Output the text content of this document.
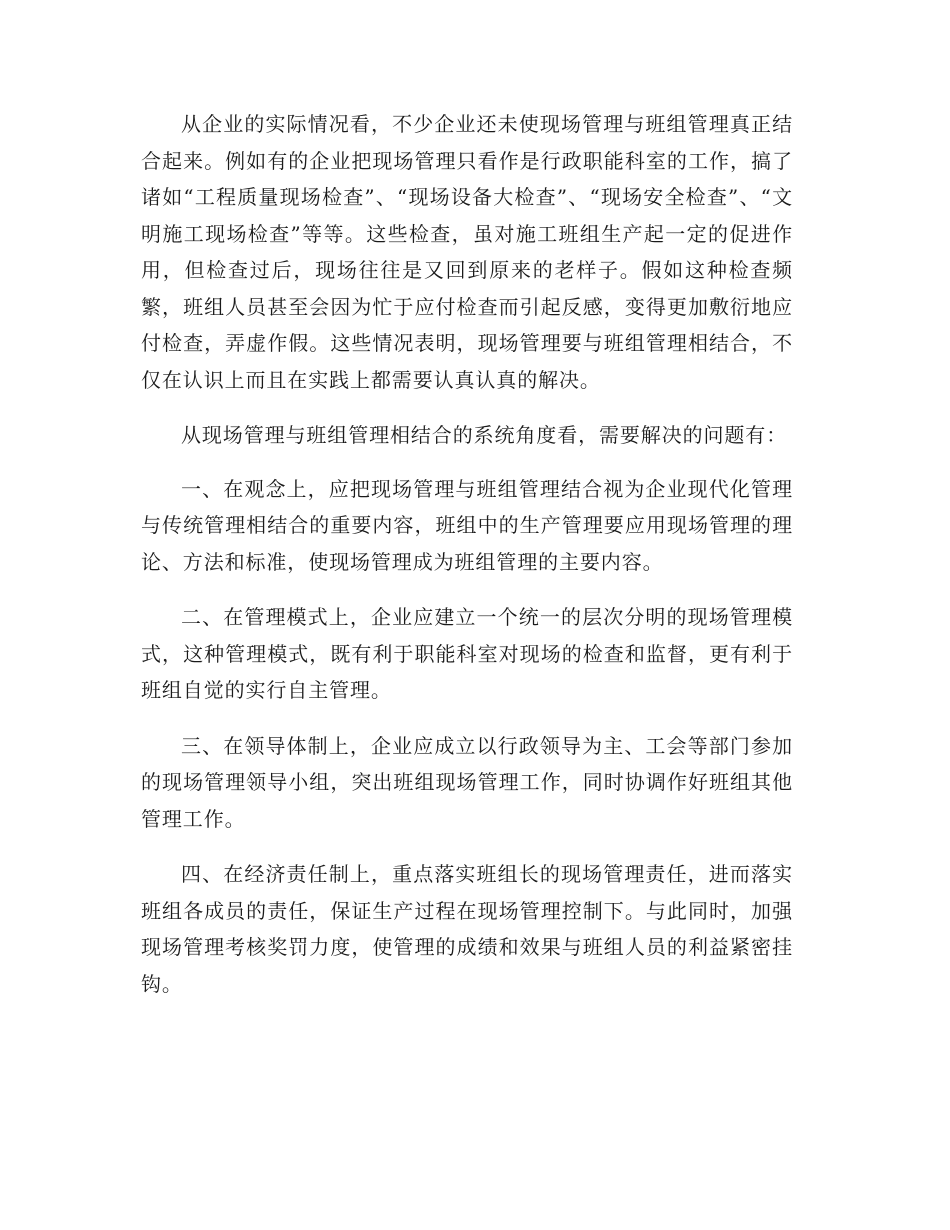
从企业的实际情况看，不少企业还未使现场管理与班组管理真正结合起来。例如有的企业把现场管理只看作是行政职能科室的工作，搞了诸如“工程质量现场检查”、“现场设备大检查”、“现场安全检查”、“文明施工现场检查”等等。这些检查，虽对施工班组生产起一定的促进作用，但检查过后，现场往往是又回到原来的老样子。假如这种检查频繁，班组人员甚至会因为忙于应付检查而引起反感，变得更加敷衍地应付检查，弄虚作假。这些情况表明，现场管理要与班组管理相结合，不仅在认识上而且在实践上都需要认真认真的解决。

从现场管理与班组管理相结合的系统角度看，需要解决的问题有：

一、在观念上，应把现场管理与班组管理结合视为企业现代化管理与传统管理相结合的重要内容，班组中的生产管理要应用现场管理的理论、方法和标准，使现场管理成为班组管理的主要内容。

二、在管理模式上，企业应建立一个统一的层次分明的现场管理模式，这种管理模式，既有利于职能科室对现场的检查和监督，更有利于班组自觉的实行自主管理。

三、在领导体制上，企业应成立以行政领导为主、工会等部门参加的现场管理领导小组，突出班组现场管理工作，同时协调作好班组其他管理工作。

四、在经济责任制上，重点落实班组长的现场管理责任，进而落实班组各成员的责任，保证生产过程在现场管理控制下。与此同时，加强现场管理考核奖罚力度，使管理的成绩和效果与班组人员的利益紧密挂钩。
